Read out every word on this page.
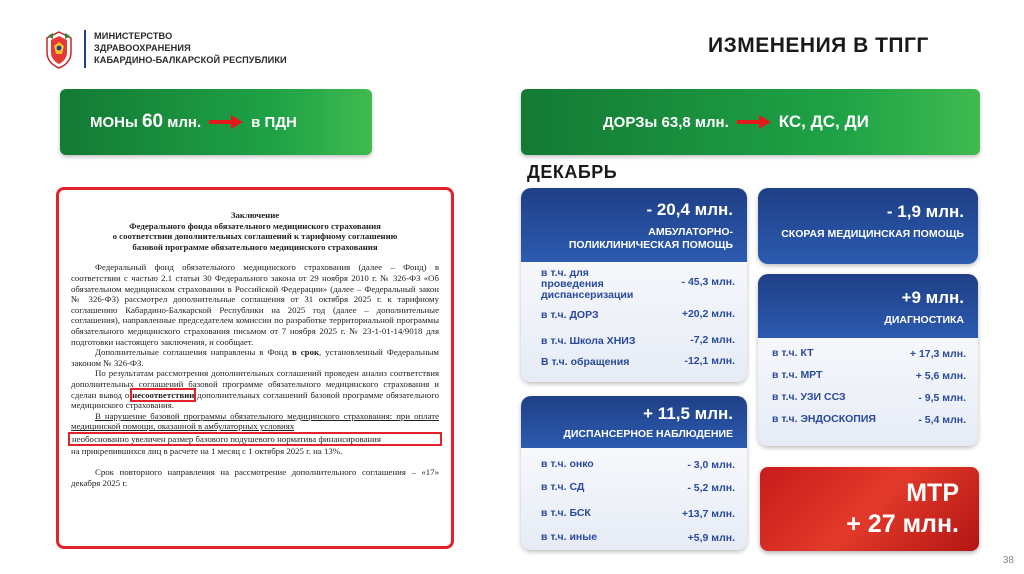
МИНИСТЕРСТВО
ЗДРАВООХРАНЕНИЯ
КАБАРДИНО-БАЛКАРСКОЙ РЕСПУБЛИКИ
ИЗМЕНЕНИЯ В ТПГГ
МОНы 60 млн.	в ПДН	ДОРЗы 63,8 млн.	КС, ДС, ДИ
ДЕКАБРЬ
Заключение
Федерального фонда обязательного медицинского страхования
о соответствии дополнительных соглашений к тарифному соглашению
базовой программе обязательного медицинского страхования

Федеральный фонд обязательного медицинского страхования (далее – Фонд) в соответствии с частью 2.1 статьи 30 Федерального закона от 29 ноября 2010 г. № 326-ФЗ «Об обязательном медицинском страховании в Российской Федерации» (далее – Федеральный закон № 326-ФЗ) рассмотрел дополнительные соглашения от 31 октября 2025 г. к тарифному соглашению Кабардино-Балкарской Республики на 2025 год (далее – дополнительные соглашения), направленные председателем комиссии по разработке территориальной программы обязательного медицинского страхования письмом от 7 ноября 2025 г. № 23-1-01-14/9018 для подготовки настоящего заключения, и сообщает.

Дополнительные соглашения направлены в Фонд в срок, установленный Федеральным законом № 326-ФЗ.

По результатам рассмотрения дополнительных соглашений проведен анализ соответствия дополнительных соглашений базовой программе обязательного медицинского страхования и сделан вывод о несоответствии дополнительных соглашений базовой программе обязательного медицинского страхования.

В нарушение базовой программы обязательного медицинского страхования: при оплате медицинской помощи, оказанной в амбулаторных условиях

необоснованно увеличен размер базового подушевого норматива финансирования

на прикрепившихся лиц в расчете на 1 месяц с 1 октября 2025 г. на 13%.

Срок повторного направления на рассмотрение дополнительного соглашения – «17» декабря 2025 г.

- 20,4 млн.
АМБУЛАТОРНО-
ПОЛИКЛИНИЧЕСКАЯ ПОМОЩЬ
в т.ч. для
проведения
диспансеризации
- 45,3 млн.
в т.ч. ДОРЗ	+20,2 млн.
в т.ч. Школа ХНИЗ	-7,2 млн.
В т.ч. обращения	-12,1 млн.
- 1,9 млн.
СКОРАЯ МЕДИЦИНСКАЯ ПОМОЩЬ
+9 млн.
ДИАГНОСТИКА
в т.ч. КТ	+ 17,3 млн.
в т.ч. МРТ	+ 5,6 млн.
в т.ч. УЗИ ССЗ	- 9,5 млн.
в т.ч. ЭНДОСКОПИЯ	- 5,4 млн.
+ 11,5 млн.
ДИСПАНСЕРНОЕ НАБЛЮДЕНИЕ
в т.ч. онко	- 3,0 млн.
в т.ч. СД	- 5,2 млн.
в т.ч. БСК	+13,7 млн.
в т.ч. иные	+5,9 млн.
МТР
+ 27 млн.
38
